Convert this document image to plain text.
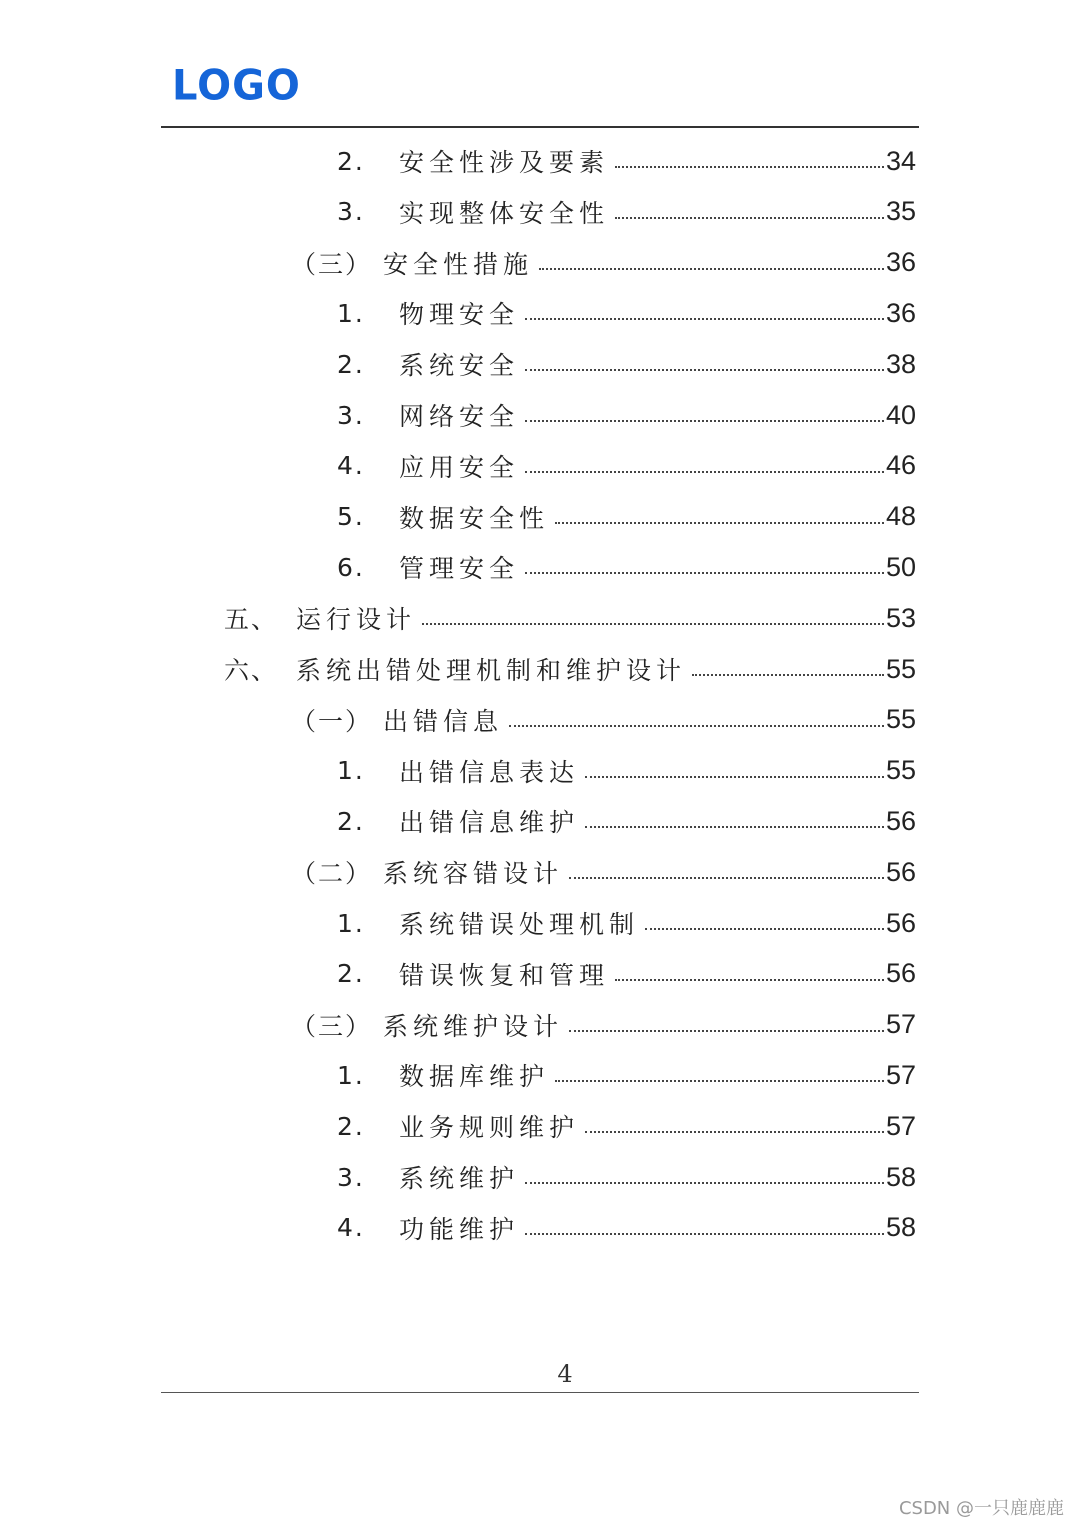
LOGO
2.	安全性涉及要素	34
3.	实现整体安全性	35
（三） 安全性措施	36
1.	物理安全	36
2.	系统安全	38
3.	网络安全	40
4.	应用安全	46
5.	数据安全性	48
6.	管理安全	50
五、 运行设计	53
六、 系统出错处理机制和维护设计	55
（一） 出错信息	55
1.	出错信息表达	55
2.	出错信息维护	56
（二） 系统容错设计	56
1.	系统错误处理机制	56
2.	错误恢复和管理	56
（三） 系统维护设计	57
1.	数据库维护	57
2.	业务规则维护	57
3.	系统维护	58
4.	功能维护	58
4
CSDN @一只鹿鹿鹿
